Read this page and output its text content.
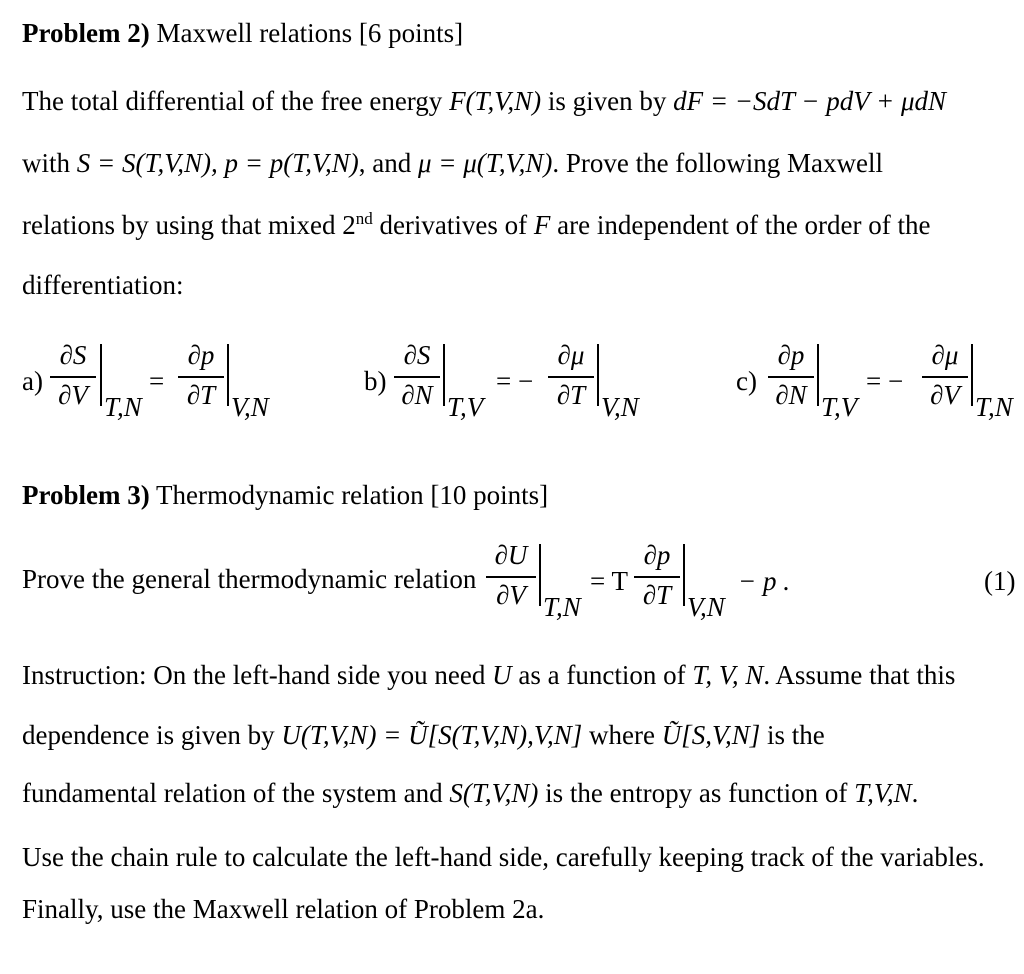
Problem 2) Maxwell relations [6 points]
The total differential of the free energy F(T,V,N) is given by dF = −SdT − pdV + μdN
with S = S(T,V,N), p = p(T,V,N), and μ = μ(T,V,N). Prove the following Maxwell
relations by using that mixed 2nd derivatives of F are independent of the order of the
differentiation:
a)
∂S
∂V T,N
=
∂p
∂T V,N
b)
∂S
∂N T,V
= −
∂μ
∂T V,N
c)
∂p
∂N T,V
= −
∂μ
∂V T,N
Problem 3) Thermodynamic relation [10 points]
Prove the general thermodynamic relation
∂U
∂V T,N
= T
∂p
∂T V,N
− p .	(1)
Instruction: On the left-hand side you need U as a function of T, V, N. Assume that this
dependence is given by U(T,V,N) = Ũ[S(T,V,N),V,N] where Ũ[S,V,N] is the
fundamental relation of the system and S(T,V,N) is the entropy as function of T,V,N.
Use the chain rule to calculate the left-hand side, carefully keeping track of the variables.
Finally, use the Maxwell relation of Problem 2a.
